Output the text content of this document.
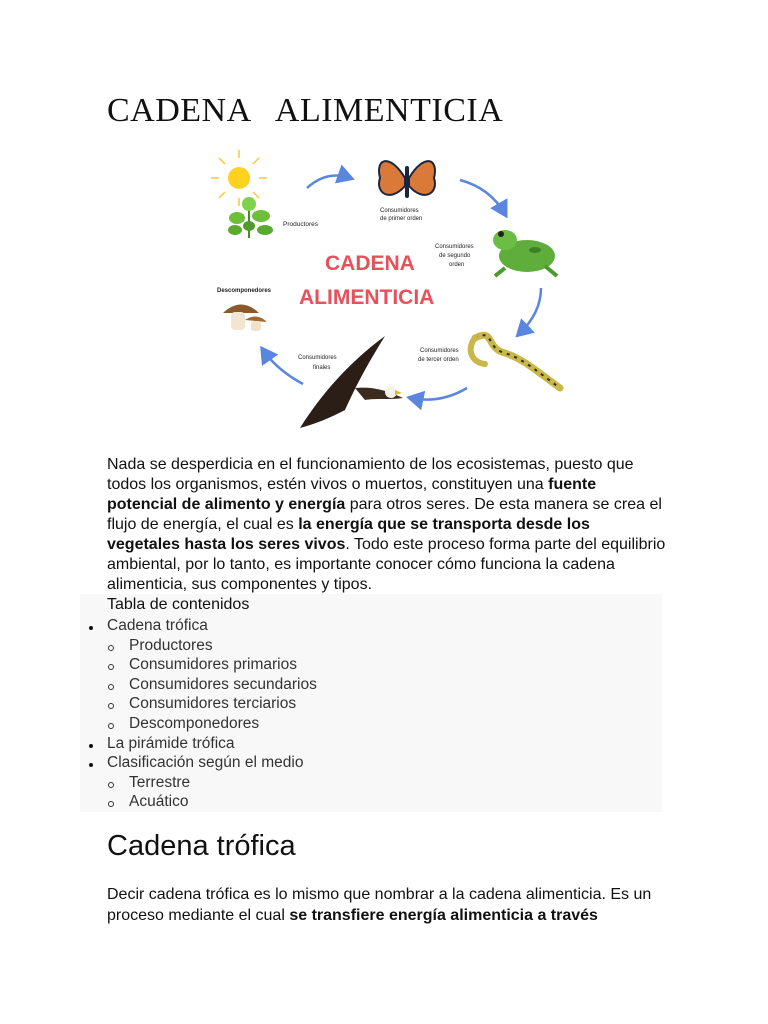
CADENA   ALIMENTICIA
Productores
Consumidores
de primer orden
Consumidores
de segundo
orden
CADENA
ALIMENTICIA
Descomponedores
Consumidores
de tercer orden
Consumidores
finales

Nada se desperdicia en el funcionamiento de los ecosistemas, puesto que todos los organismos, estén vivos o muertos, constituyen una fuente potencial de alimento y energía para otros seres. De esta manera se crea el flujo de energía, el cual es la energía que se transporta desde los vegetales hasta los seres vivos. Todo este proceso forma parte del equilibrio ambiental, por lo tanto, es importante conocer cómo funciona la cadena alimenticia, sus componentes y tipos.

Tabla de contenidos
Cadena trófica
Productores
Consumidores primarios
Consumidores secundarios
Consumidores terciarios
Descomponedores
La pirámide trófica
Clasificación según el medio
Terrestre
Acuático
Cadena trófica

Decir cadena trófica es lo mismo que nombrar a la cadena alimenticia. Es un proceso mediante el cual se transfiere energía alimenticia a través
